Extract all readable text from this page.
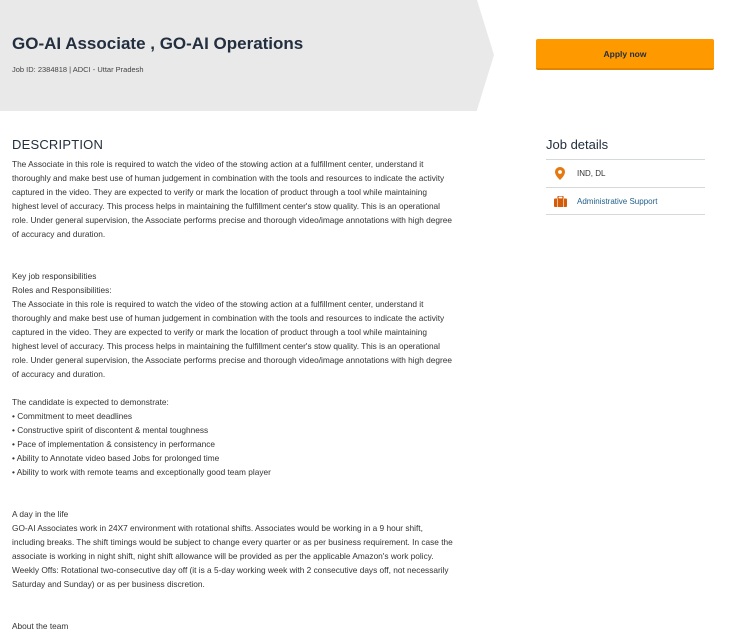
GO-AI Associate , GO-AI Operations
Job ID: 2384818 | ADCI - Uttar Pradesh
Apply now
DESCRIPTION
The Associate in this role is required to watch the video of the stowing action at a fulfillment center, understand it
thoroughly and make best use of human judgement in combination with the tools and resources to indicate the activity
captured in the video. They are expected to verify or mark the location of product through a tool while maintaining
highest level of accuracy. This process helps in maintaining the fulfillment center's stow quality. This is an operational
role. Under general supervision, the Associate performs precise and thorough video/image annotations with high degree
of accuracy and duration.
Key job responsibilities
Roles and Responsibilities:
The Associate in this role is required to watch the video of the stowing action at a fulfillment center, understand it
thoroughly and make best use of human judgement in combination with the tools and resources to indicate the activity
captured in the video. They are expected to verify or mark the location of product through a tool while maintaining
highest level of accuracy. This process helps in maintaining the fulfillment center's stow quality. This is an operational
role. Under general supervision, the Associate performs precise and thorough video/image annotations with high degree
of accuracy and duration.
The candidate is expected to demonstrate:
• Commitment to meet deadlines
• Constructive spirit of discontent & mental toughness
• Pace of implementation & consistency in performance
• Ability to Annotate video based Jobs for prolonged time
• Ability to work with remote teams and exceptionally good team player
A day in the life
GO-AI Associates work in 24X7 environment with rotational shifts. Associates would be working in a 9 hour shift,
including breaks. The shift timings would be subject to change every quarter or as per business requirement. In case the
associate is working in night shift, night shift allowance will be provided as per the applicable Amazon's work policy.
Weekly Offs: Rotational two-consecutive day off (it is a 5-day working week with 2 consecutive days off, not necessarily
Saturday and Sunday) or as per business discretion.
About the team
Job details
IND, DL
Administrative Support
